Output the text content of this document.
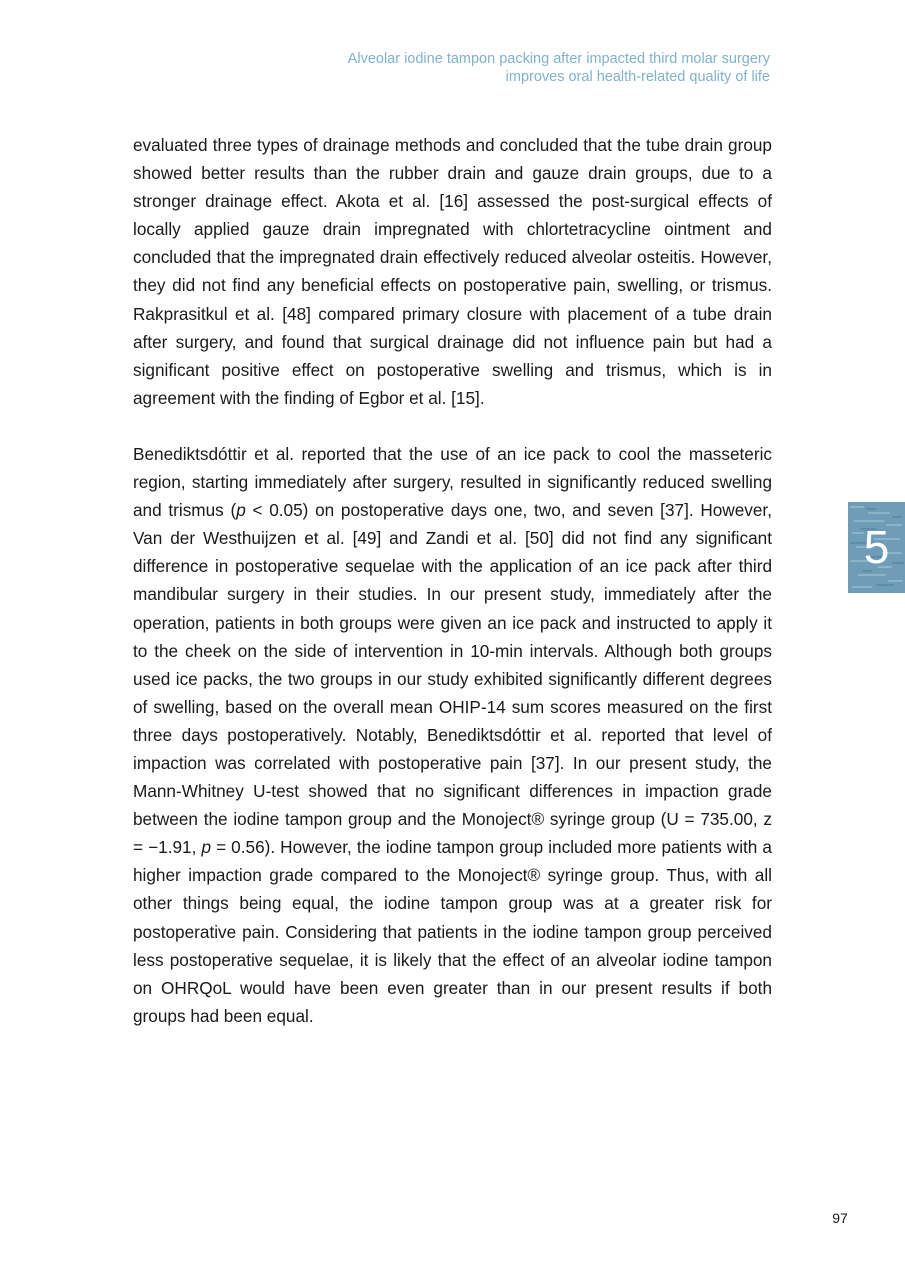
Alveolar iodine tampon packing after impacted third molar surgery
improves oral health-related quality of life

evaluated three types of drainage methods and concluded that the tube drain group showed better results than the rubber drain and gauze drain groups, due to a stronger drainage effect. Akota et al. [16] assessed the post-surgical effects of locally applied gauze drain impregnated with chlortetracycline ointment and concluded that the impregnated drain effectively reduced alveolar osteitis. However, they did not find any beneficial effects on postoperative pain, swelling, or trismus. Rakprasitkul et al. [48] compared primary closure with placement of a tube drain after surgery, and found that surgical drainage did not influence pain but had a significant positive effect on postoperative swelling and trismus, which is in agreement with the finding of Egbor et al. [15].

Benediktsdóttir et al. reported that the use of an ice pack to cool the masseteric region, starting immediately after surgery, resulted in significantly reduced swelling and trismus (p < 0.05) on postoperative days one, two, and seven [37]. However, Van der Westhuijzen et al. [49] and Zandi et al. [50] did not find any significant difference in postoperative sequelae with the application of an ice pack after third mandibular surgery in their studies. In our present study, immediately after the operation, patients in both groups were given an ice pack and instructed to apply it to the cheek on the side of intervention in 10-min intervals. Although both groups used ice packs, the two groups in our study exhibited significantly different degrees of swelling, based on the overall mean OHIP-14 sum scores measured on the first three days postoperatively. Notably, Benediktsdóttir et al. reported that level of impaction was correlated with postoperative pain [37]. In our present study, the Mann-Whitney U-test showed that no significant differences in impaction grade between the iodine tampon group and the Monoject® syringe group (U = 735.00, z = −1.91, p = 0.56). However, the iodine tampon group included more patients with a higher impaction grade compared to the Monoject® syringe group. Thus, with all other things being equal, the iodine tampon group was at a greater risk for postoperative pain. Considering that patients in the iodine tampon group perceived less postoperative sequelae, it is likely that the effect of an alveolar iodine tampon on OHRQoL would have been even greater than in our present results if both groups had been equal.

5
97
